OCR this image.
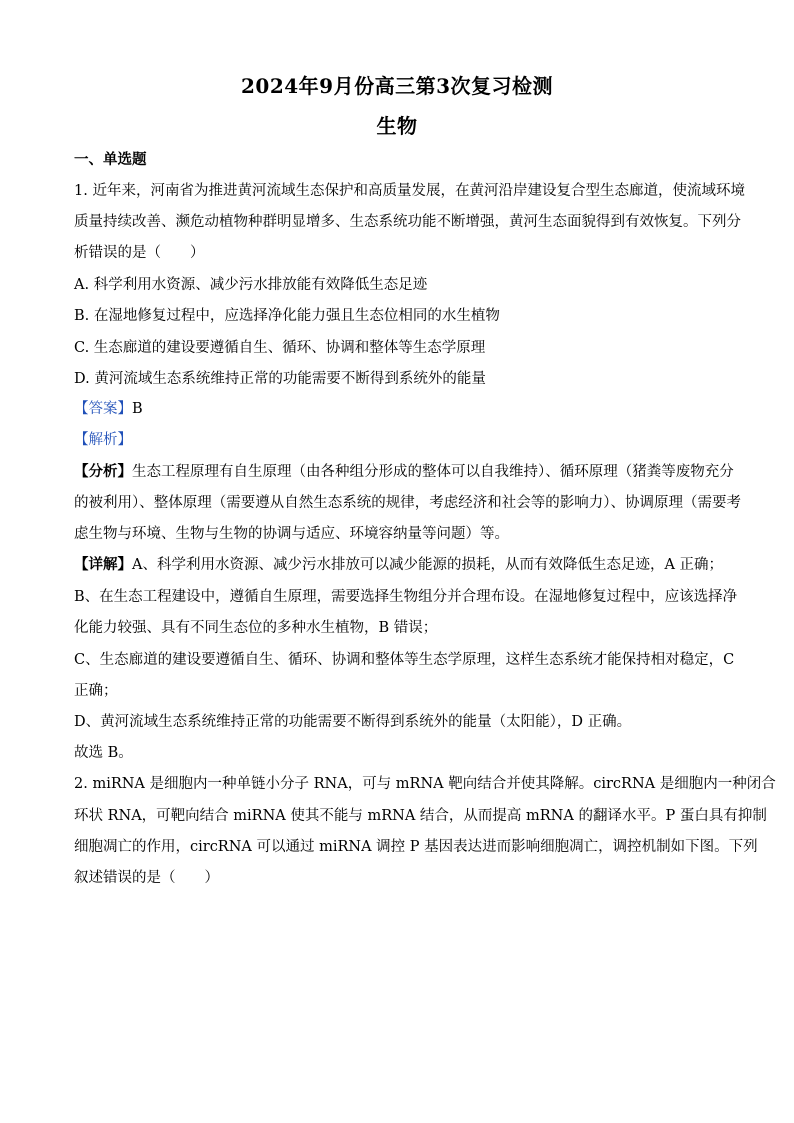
2024年9月份高三第3次复习检测
生物
一、单选题
1. 近年来，河南省为推进黄河流域生态保护和高质量发展，在黄河沿岸建设复合型生态廊道，使流域环境
质量持续改善、濒危动植物种群明显增多、生态系统功能不断增强，黄河生态面貌得到有效恢复。下列分
析错误的是（　　）
A. 科学利用水资源、减少污水排放能有效降低生态足迹
B. 在湿地修复过程中，应选择净化能力强且生态位相同的水生植物
C. 生态廊道的建设要遵循自生、循环、协调和整体等生态学原理
D. 黄河流域生态系统维持正常的功能需要不断得到系统外的能量
【答案】B
【解析】
【分析】生态工程原理有自生原理（由各种组分形成的整体可以自我维持）、循环原理（猪粪等废物充分
的被利用）、整体原理（需要遵从自然生态系统的规律，考虑经济和社会等的影响力）、协调原理（需要考
虑生物与环境、生物与生物的协调与适应、环境容纳量等问题）等。
【详解】A、科学利用水资源、减少污水排放可以减少能源的损耗，从而有效降低生态足迹，A 正确；
B、在生态工程建设中，遵循自生原理，需要选择生物组分并合理布设。在湿地修复过程中，应该选择净
化能力较强、具有不同生态位的多种水生植物，B 错误；
C、生态廊道的建设要遵循自生、循环、协调和整体等生态学原理，这样生态系统才能保持相对稳定，C
正确；
D、黄河流域生态系统维持正常的功能需要不断得到系统外的能量（太阳能），D 正确。
故选 B。
2. miRNA 是细胞内一种单链小分子 RNA，可与 mRNA 靶向结合并使其降解。circRNA 是细胞内一种闭合
环状 RNA，可靶向结合 miRNA 使其不能与 mRNA 结合，从而提高 mRNA 的翻译水平。P 蛋白具有抑制
细胞凋亡的作用，circRNA 可以通过 miRNA 调控 P 基因表达进而影响细胞凋亡，调控机制如下图。下列
叙述错误的是（　　）
